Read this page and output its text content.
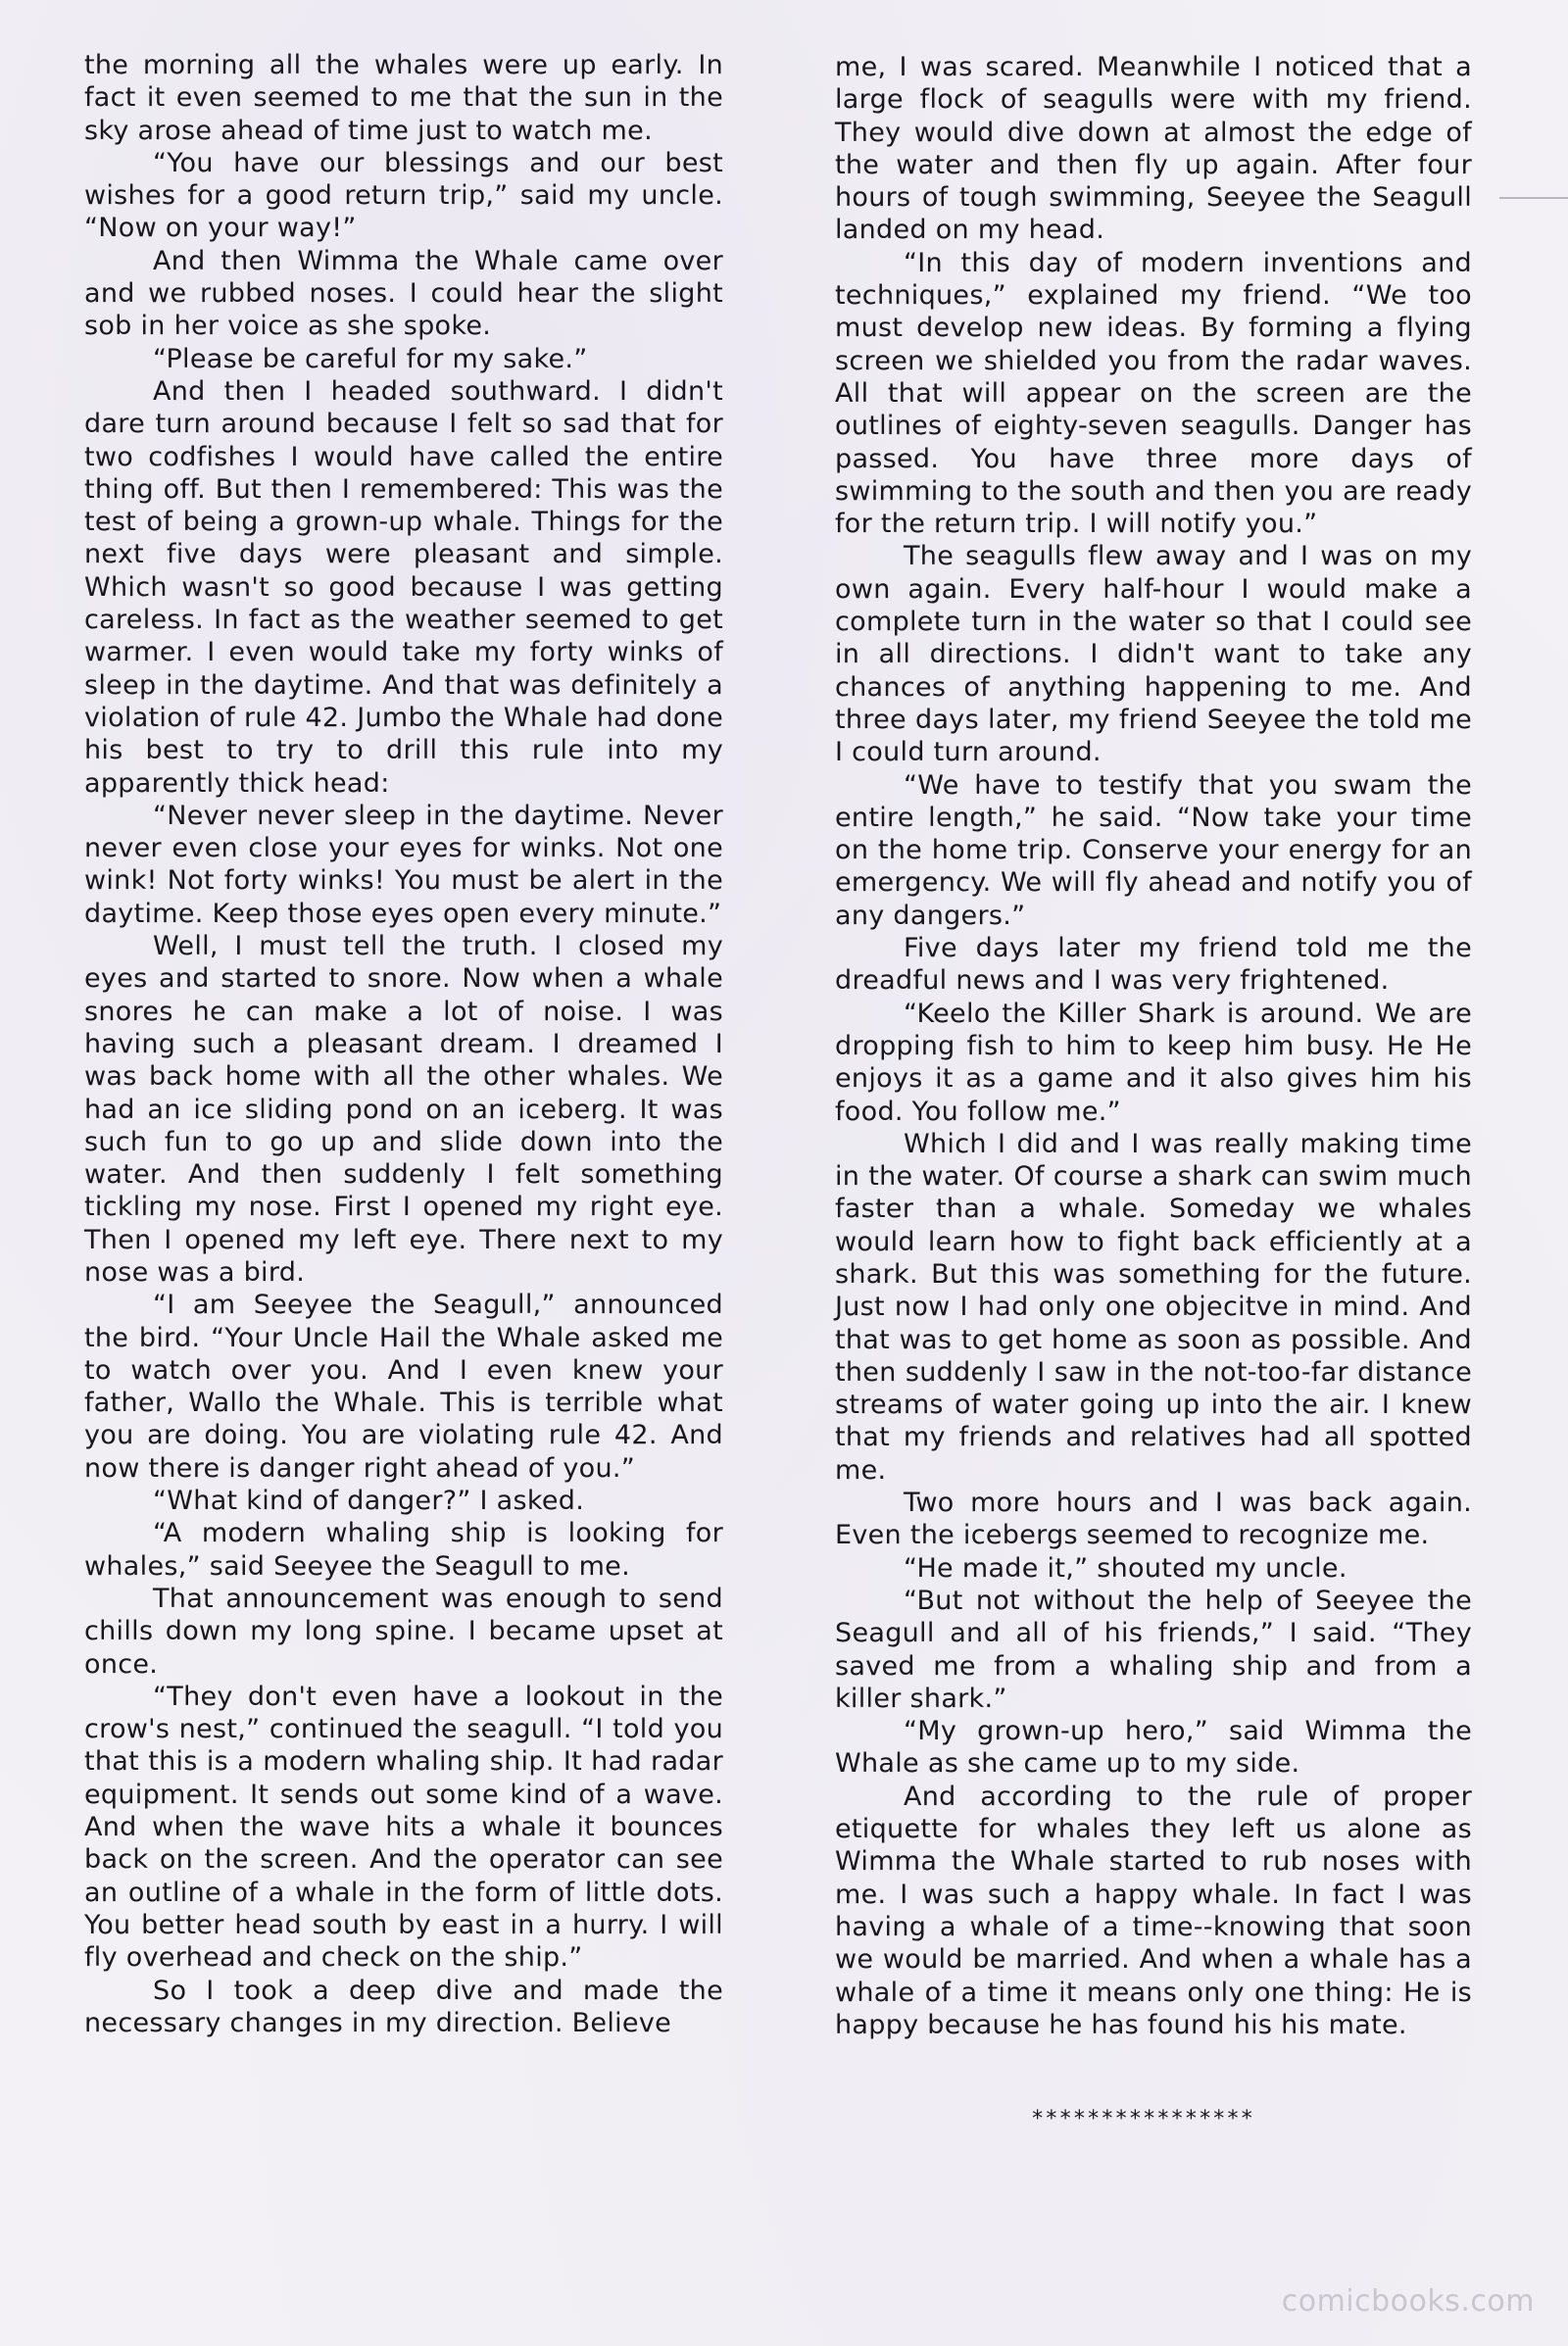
the morning all the whales were up early. In fact it even seemed to me that the sun in the sky arose ahead of time just to watch me.

“You have our blessings and our best wishes for a good return trip,” said my uncle. “Now on your way!”

And then Wimma the Whale came over and we rubbed noses. I could hear the slight sob in her voice as she spoke.

“Please be careful for my sake.”

And then I headed southward. I didn't dare turn around because I felt so sad that for two codfishes I would have called the entire thing off. But then I remembered: This was the test of being a grown-up whale. Things for the next five days were pleasant and simple. Which wasn't so good because I was getting careless. In fact as the weather seemed to get warmer. I even would take my forty winks of sleep in the daytime. And that was definitely a violation of rule 42. Jumbo the Whale had done his best to try to drill this rule into my apparently thick head:

“Never never sleep in the daytime. Never never even close your eyes for winks. Not one wink! Not forty winks! You must be alert in the daytime. Keep those eyes open every minute.”

Well, I must tell the truth. I closed my eyes and started to snore. Now when a whale snores he can make a lot of noise. I was having such a pleasant dream. I dreamed I was back home with all the other whales. We had an ice sliding pond on an iceberg. It was such fun to go up and slide down into the water. And then suddenly I felt something tickling my nose. First I opened my right eye. Then I opened my left eye. There next to my nose was a bird.

“I am Seeyee the Seagull,” announced the bird. “Your Uncle Hail the Whale asked me to watch over you. And I even knew your father, Wallo the Whale. This is terrible what you are doing. You are violating rule 42. And now there is danger right ahead of you.”

“What kind of danger?” I asked.

“A modern whaling ship is looking for whales,” said Seeyee the Seagull to me.

That announcement was enough to send chills down my long spine. I became upset at once.

“They don't even have a lookout in the crow's nest,” continued the seagull. “I told you that this is a modern whaling ship. It had radar equipment. It sends out some kind of a wave. And when the wave hits a whale it bounces back on the screen. And the operator can see an outline of a whale in the form of little dots. You better head south by east in a hurry. I will fly overhead and check on the ship.”

So I took a deep dive and made the necessary changes in my direction. Believe

me, I was scared. Meanwhile I noticed that a large flock of seagulls were with my friend. They would dive down at almost the edge of the water and then fly up again. After four hours of tough swimming, Seeyee the Seagull landed on my head.

“In this day of modern inventions and techniques,” explained my friend. “We too must develop new ideas. By forming a flying screen we shielded you from the radar waves. All that will appear on the screen are the outlines of eighty-seven seagulls. Danger has passed. You have three more days of swimming to the south and then you are ready for the return trip. I will notify you.”

The seagulls flew away and I was on my own again. Every half-hour I would make a complete turn in the water so that I could see in all directions. I didn't want to take any chances of anything happening to me. And three days later, my friend Seeyee the told me I could turn around.

“We have to testify that you swam the entire length,” he said. “Now take your time on the home trip. Conserve your energy for an emergency. We will fly ahead and notify you of any dangers.”

Five days later my friend told me the dreadful news and I was very frightened.

“Keelo the Killer Shark is around. We are dropping fish to him to keep him busy. He He enjoys it as a game and it also gives him his food. You follow me.”

Which I did and I was really making time in the water. Of course a shark can swim much faster than a whale. Someday we whales would learn how to fight back efficiently at a shark. But this was something for the future. Just now I had only one objecitve in mind. And that was to get home as soon as possible. And then suddenly I saw in the not-too-far distance streams of water going up into the air. I knew that my friends and relatives had all spotted me.

Two more hours and I was back again. Even the icebergs seemed to recognize me.

“He made it,” shouted my uncle.

“But not without the help of Seeyee the Seagull and all of his friends,” I said. “They saved me from a whaling ship and from a killer shark.”

“My grown-up hero,” said Wimma the Whale as she came up to my side.

And according to the rule of proper etiquette for whales they left us alone as Wimma the Whale started to rub noses with me. I was such a happy whale. In fact I was having a whale of a time--knowing that soon we would be married. And when a whale has a whale of a time it means only one thing: He is happy because he has found his his mate.

****************
comicbooks.com
